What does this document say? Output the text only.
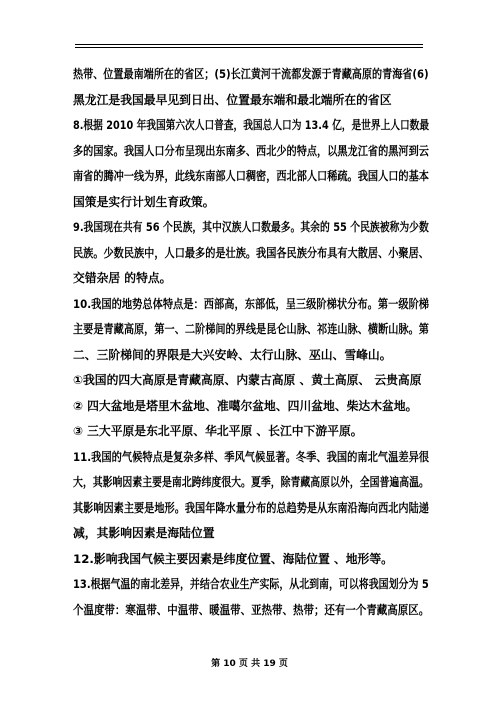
热带、位置最南端所在的省区；(5)长江黄河干流都发源于青藏高原的青海省(6)
黑龙江是我国最早见到日出、位置最东端和最北端所在的省区
8.根据 2010 年我国第六次人口普查，我国总人口为 13.4 亿，是世界上人口数最
多的国家。我国人口分布呈现出东南多、西北少的特点，以黑龙江省的黑河到云
南省的腾冲一线为界，此线东南部人口稠密，西北部人口稀疏。我国人口的基本
国策是实行计划生育政策。
9.我国现在共有 56 个民族，其中汉族人口数最多。其余的 55 个民族被称为少数
民族。少数民族中，人口最多的是壮族。我国各民族分布具有大散居、小聚居、
交错杂居 的特点。
10.我国的地势总体特点是：西部高，东部低，呈三级阶梯状分布。第一级阶梯
主要是青藏高原，第一、二阶梯间的界线是昆仑山脉、祁连山脉、横断山脉。第
二、三阶梯间的界限是大兴安岭、太行山脉、巫山、雪峰山。
①我国的四大高原是青藏高原、内蒙古高原 、黄土高原、 云贵高原
② 四大盆地是塔里木盆地、准噶尔盆地、四川盆地、柴达木盆地。
③ 三大平原是东北平原、华北平原 、长江中下游平原。
11.我国的气候特点是复杂多样、季风气候显著。冬季、我国的南北气温差异很
大，其影响因素主要是南北跨纬度很大。夏季，除青藏高原以外，全国普遍高温。
其影响因素主要是地形。我国年降水量分布的总趋势是从东南沿海向西北内陆递
减，其影响因素是海陆位置
12.影响我国气候主要因素是纬度位置、海陆位置 、地形等。
13.根据气温的南北差异，并结合农业生产实际，从北到南，可以将我国划分为 5
个温度带：寒温带、中温带、暖温带、亚热带、热带；还有一个青藏高原区。
第 10 页 共 19 页
